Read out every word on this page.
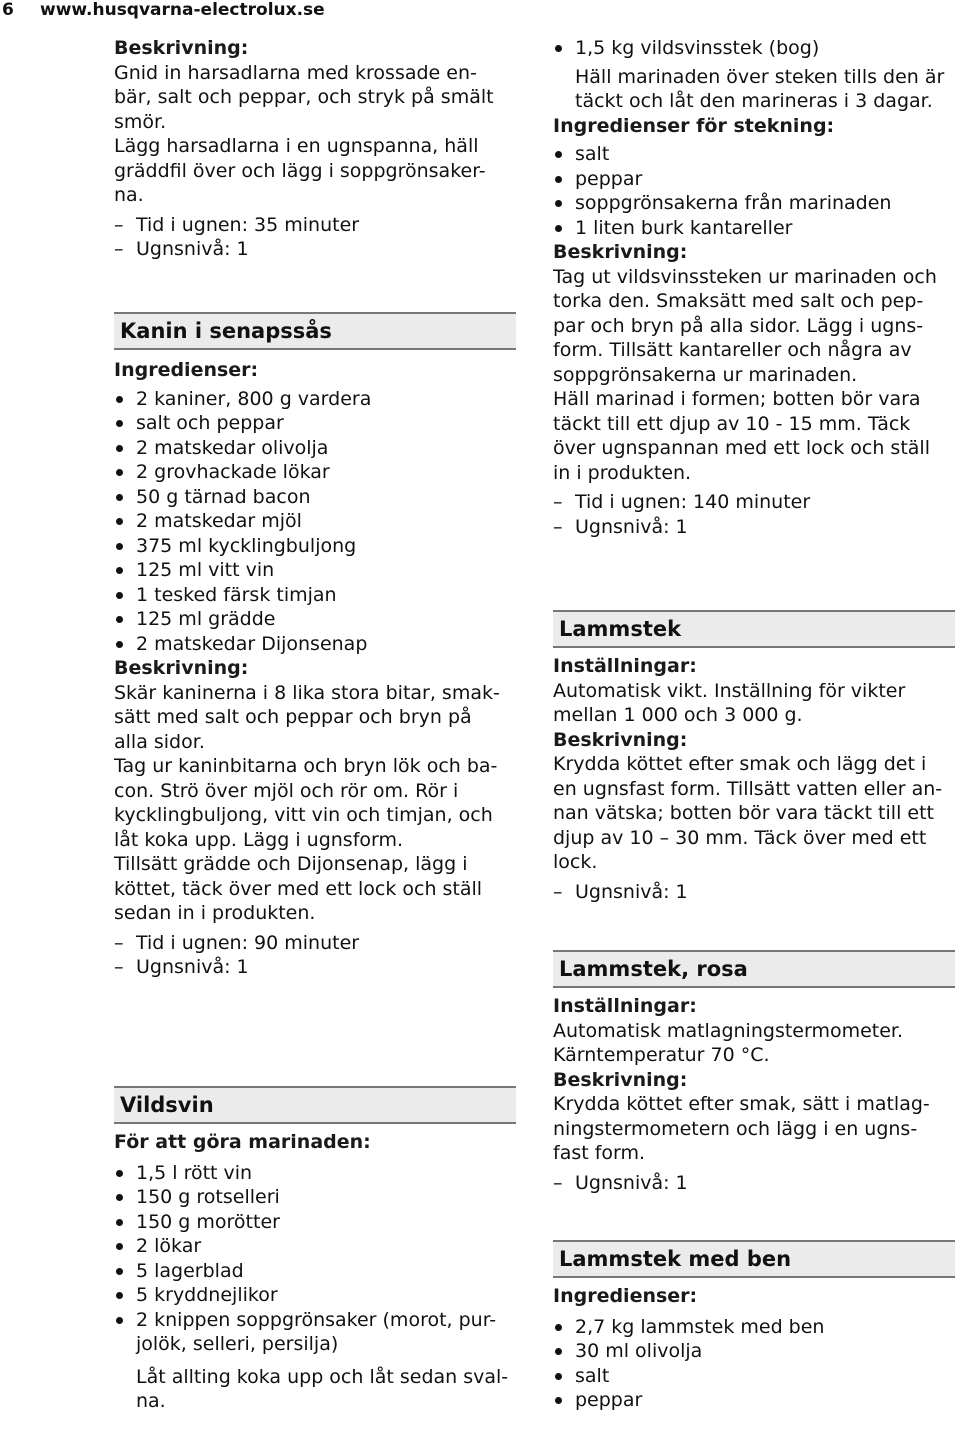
6 www.husqvarna-electrolux.se

Beskrivning:

Gnid in harsadlarna med krossade en-

bär, salt och peppar, och stryk på smält

smör.

Lägg harsadlarna i en ugnspanna, häll

gräddfil över och lägg i soppgrönsaker-

na.

– Tid i ugnen: 35 minuter

– Ugnsnivå: 1

Kanin i senapssås

Ingredienser:

2 kaniner, 800 g vardera

salt och peppar

2 matskedar olivolja

2 grovhackade lökar

50 g tärnad bacon

2 matskedar mjöl

375 ml kycklingbuljong

125 ml vitt vin

1 tesked färsk timjan

125 ml grädde

2 matskedar Dijonsenap

Beskrivning:

Skär kaninerna i 8 lika stora bitar, smak-

sätt med salt och peppar och bryn på

alla sidor.

Tag ur kaninbitarna och bryn lök och ba-

con. Strö över mjöl och rör om. Rör i

kycklingbuljong, vitt vin och timjan, och

låt koka upp. Lägg i ugnsform.

Tillsätt grädde och Dijonsenap, lägg i

köttet, täck över med ett lock och ställ

sedan in i produkten.

– Tid i ugnen: 90 minuter

– Ugnsnivå: 1

Vildsvin

För att göra marinaden:

1,5 l rött vin

150 g rotselleri

150 g morötter

2 lökar

5 lagerblad

5 kryddnejlikor

2 knippen soppgrönsaker (morot, pur-

jolök, selleri, persilja)

Låt allting koka upp och låt sedan sval-

na.

1,5 kg vildsvinsstek (bog)

Häll marinaden över steken tills den är

täckt och låt den marineras i 3 dagar.

Ingredienser för stekning:

salt

peppar

soppgrönsakerna från marinaden

1 liten burk kantareller

Beskrivning:

Tag ut vildsvinssteken ur marinaden och

torka den. Smaksätt med salt och pep-

par och bryn på alla sidor. Lägg i ugns-

form. Tillsätt kantareller och några av

soppgrönsakerna ur marinaden.

Häll marinad i formen; botten bör vara

täckt till ett djup av 10 - 15 mm. Täck

över ugnspannan med ett lock och ställ

in i produkten.

– Tid i ugnen: 140 minuter

– Ugnsnivå: 1

Lammstek

Inställningar:

Automatisk vikt. Inställning för vikter

mellan 1 000 och 3 000 g.

Beskrivning:

Krydda köttet efter smak och lägg det i

en ugnsfast form. Tillsätt vatten eller an-

nan vätska; botten bör vara täckt till ett

djup av 10 – 30 mm. Täck över med ett

lock.

– Ugnsnivå: 1

Lammstek, rosa

Inställningar:

Automatisk matlagningstermometer.

Kärntemperatur 70 °C.

Beskrivning:

Krydda köttet efter smak, sätt i matlag-

ningstermometern och lägg i en ugns-

fast form.

– Ugnsnivå: 1

Lammstek med ben

Ingredienser:

2,7 kg lammstek med ben

30 ml olivolja

salt

peppar
